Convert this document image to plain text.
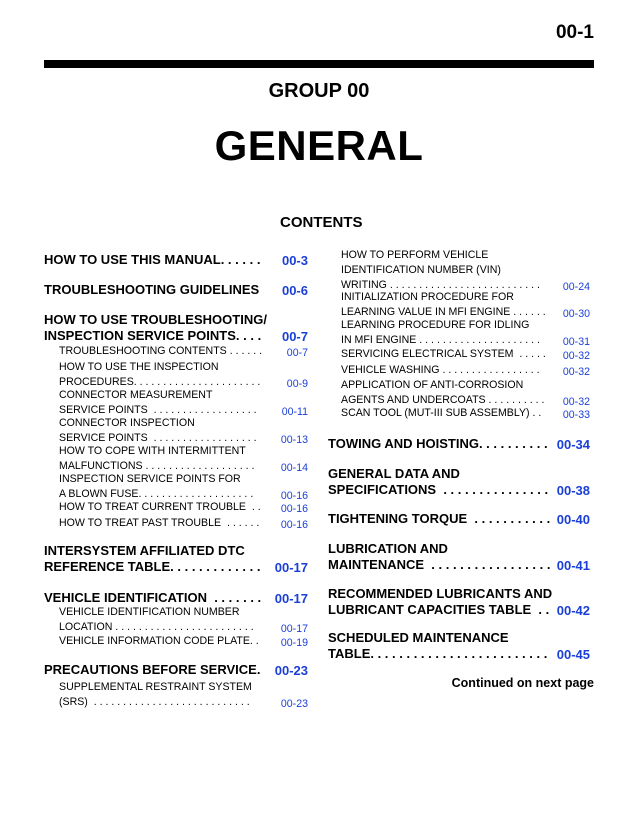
00-1
GROUP 00
GENERAL
CONTENTS
HOW TO USE THIS MANUAL. . . . . . 00-3
TROUBLESHOOTING GUIDELINES 00-6
HOW TO USE TROUBLESHOOTING/
INSPECTION SERVICE POINTS. . . .	00-7
TROUBLESHOOTING CONTENTS . . . . . . 00-7
HOW TO USE THE INSPECTION
PROCEDURES. . . . . . . . . . . . . . . . . . . . . . 00-9
CONNECTOR MEASUREMENT
SERVICE POINTS  . . . . . . . . . . . . . . . . . . 00-11
CONNECTOR INSPECTION
SERVICE POINTS  . . . . . . . . . . . . . . . . . . 00-13
HOW TO COPE WITH INTERMITTENT
MALFUNCTIONS . . . . . . . . . . . . . . . . . . . 00-14
INSPECTION SERVICE POINTS FOR
A BLOWN FUSE. . . . . . . . . . . . . . . . . . . .	00-16
HOW TO TREAT CURRENT TROUBLE  . . 00-16
HOW TO TREAT PAST TROUBLE  . . . . . . 00-16
INTERSYSTEM AFFILIATED DTC
REFERENCE TABLE. . . . . . . . . . . . . 00-17
VEHICLE IDENTIFICATION  . . . . . . . 00-17
VEHICLE IDENTIFICATION NUMBER
LOCATION . . . . . . . . . . . . . . . . . . . . . . . .	00-17
VEHICLE INFORMATION CODE PLATE. . 00-19
PRECAUTIONS BEFORE SERVICE. 00-23
SUPPLEMENTAL RESTRAINT SYSTEM
(SRS)  . . . . . . . . . . . . . . . . . . . . . . . . . . .	00-23
HOW TO PERFORM VEHICLE
IDENTIFICATION NUMBER (VIN)
WRITING . . . . . . . . . . . . . . . . . . . . . . . . . . 00-24
INITIALIZATION PROCEDURE FOR
LEARNING VALUE IN MFI ENGINE . . . . . . 00-30
LEARNING PROCEDURE FOR IDLING
IN MFI ENGINE . . . . . . . . . . . . . . . . . . . . . 00-31
SERVICING ELECTRICAL SYSTEM  . . . . . 00-32
VEHICLE WASHING . . . . . . . . . . . . . . . . . 00-32
APPLICATION OF ANTI-CORROSION
AGENTS AND UNDERCOATS . . . . . . . . . . 00-32
SCAN TOOL (MUT-III SUB ASSEMBLY) . . 00-33
TOWING AND HOISTING. . . . . . . . . . 00-34
GENERAL DATA AND
SPECIFICATIONS  . . . . . . . . . . . . . . . 00-38
TIGHTENING TORQUE  . . . . . . . . . . . 00-40
LUBRICATION AND
MAINTENANCE  . . . . . . . . . . . . . . . . . 00-41
RECOMMENDED LUBRICANTS AND
LUBRICANT CAPACITIES TABLE  . . 00-42
SCHEDULED MAINTENANCE
TABLE. . . . . . . . . . . . . . . . . . . . . . . . . 00-45
Continued on next page
